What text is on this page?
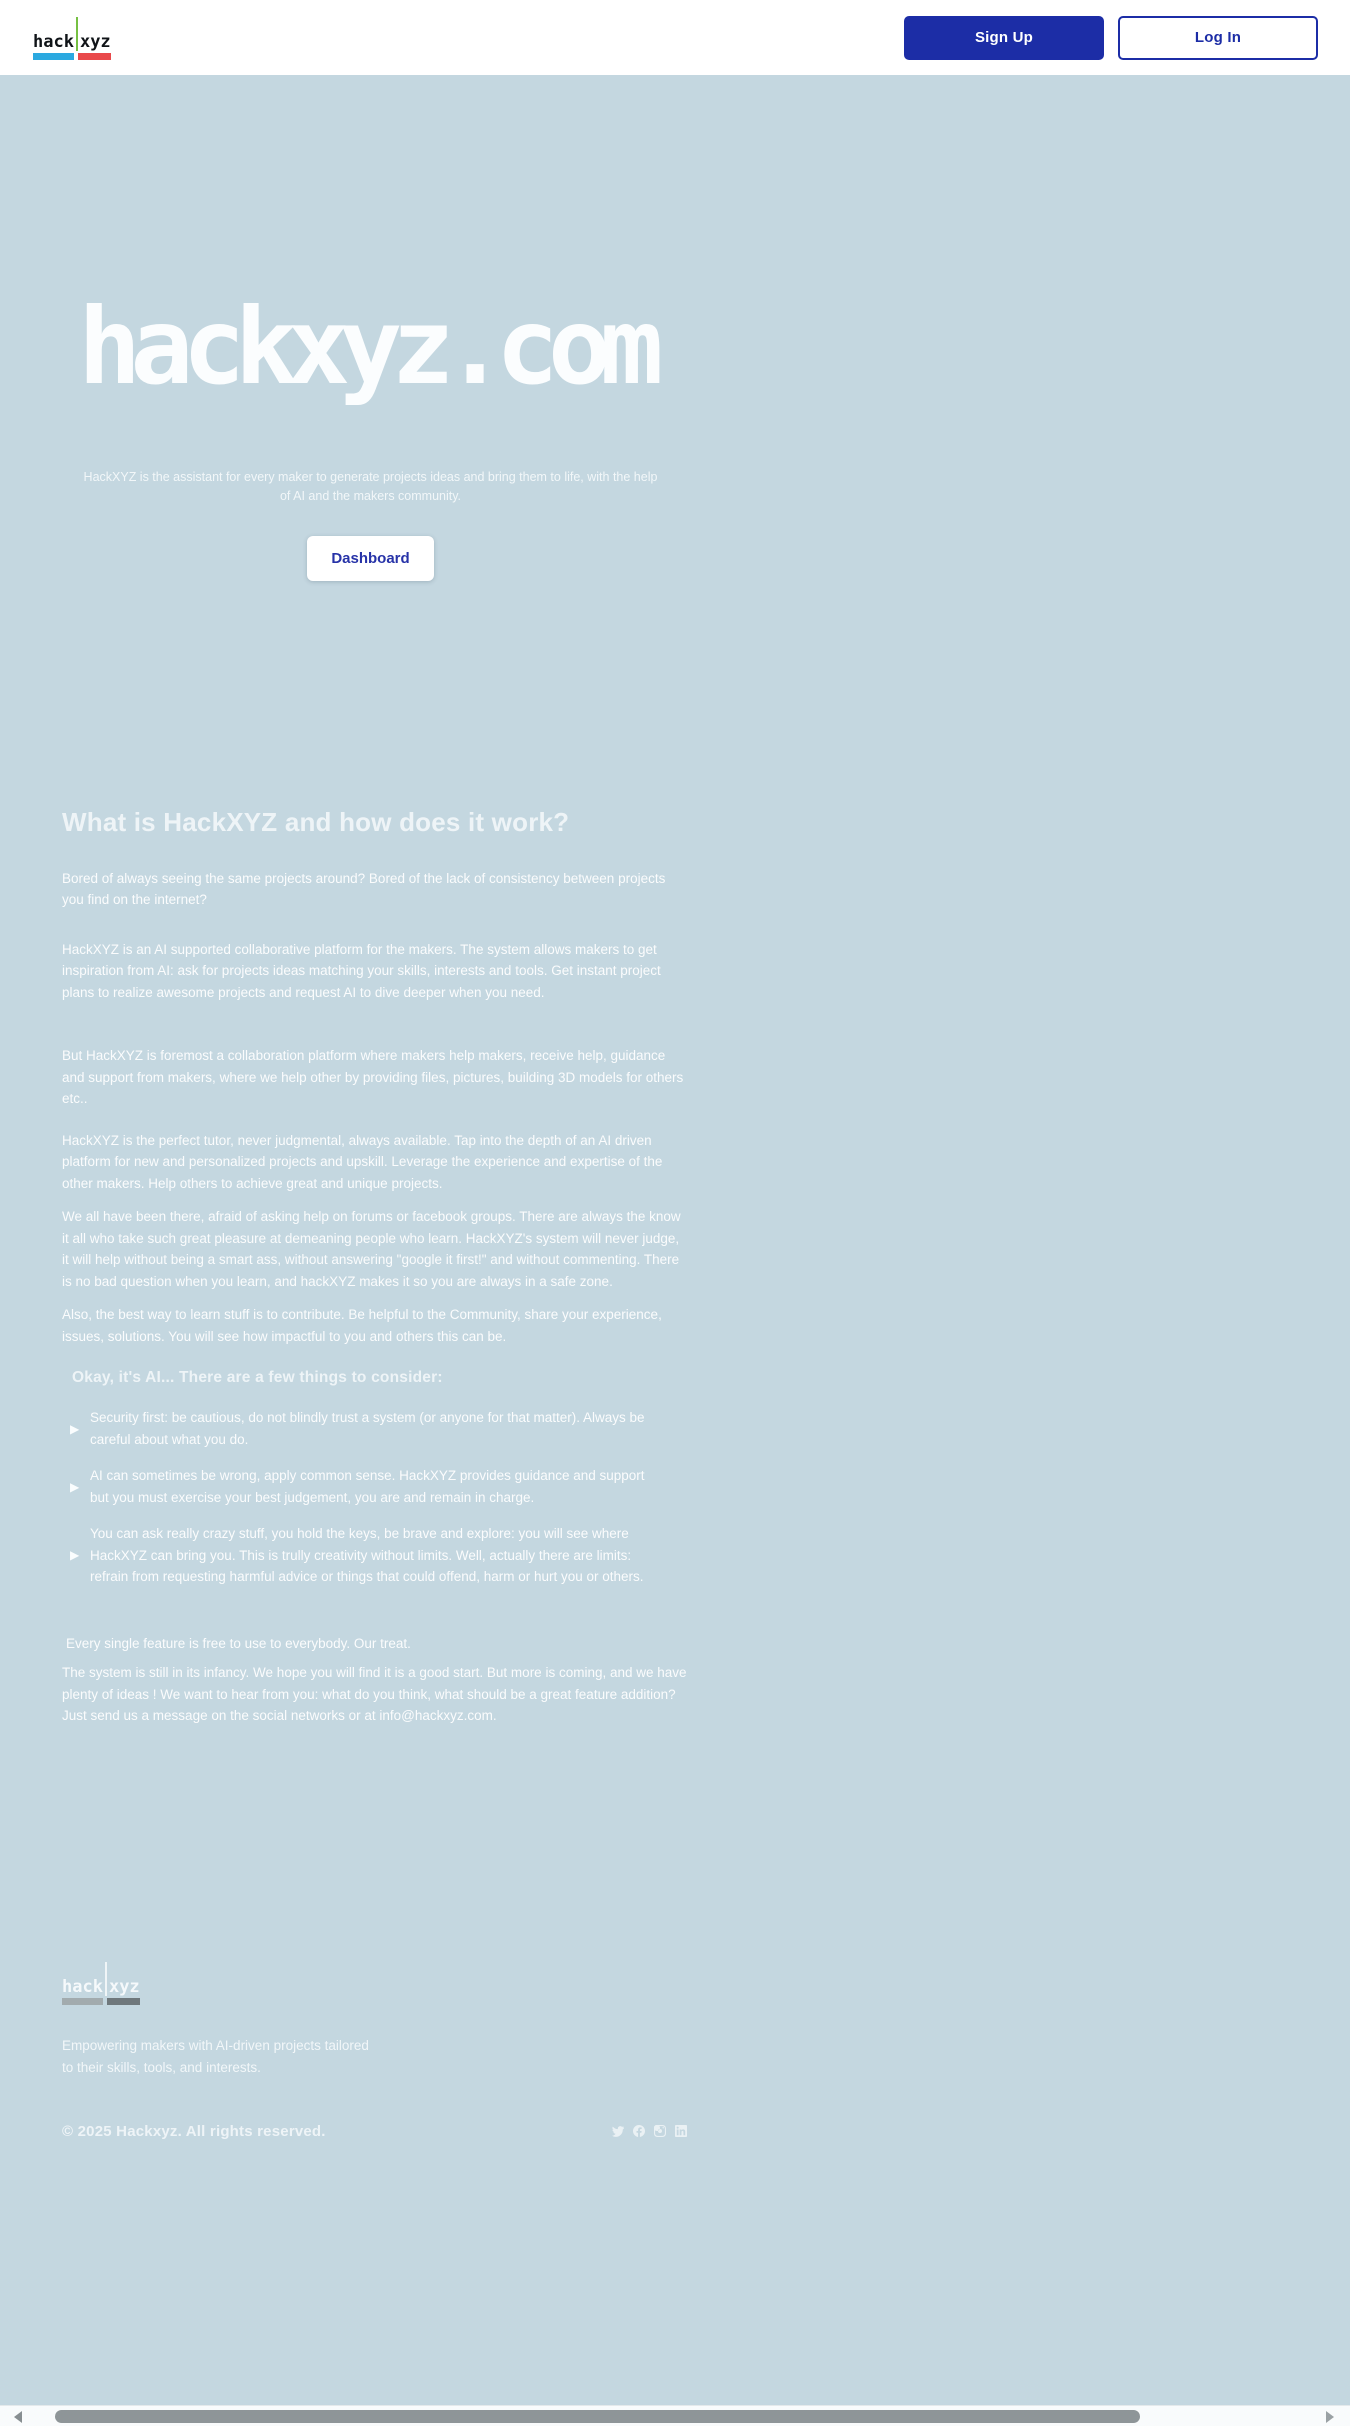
hack xyz	Sign Up	Log In
hackxyz.com

HackXYZ is the assistant for every maker to generate projects ideas and bring them to life, with the help of AI and the makers community.

Dashboard
What is HackXYZ and how does it work?

Bored of always seeing the same projects around? Bored of the lack of consistency between projects you find on the internet?

HackXYZ is an AI supported collaborative platform for the makers. The system allows makers to get inspiration from AI: ask for projects ideas matching your skills, interests and tools. Get instant project plans to realize awesome projects and request AI to dive deeper when you need.

But HackXYZ is foremost a collaboration platform where makers help makers, receive help, guidance and support from makers, where we help other by providing files, pictures, building 3D models for others etc..

HackXYZ is the perfect tutor, never judgmental, always available. Tap into the depth of an AI driven platform for new and personalized projects and upskill. Leverage the experience and expertise of the other makers. Help others to achieve great and unique projects.

We all have been there, afraid of asking help on forums or facebook groups. There are always the know it all who take such great pleasure at demeaning people who learn. HackXYZ's system will never judge, it will help without being a smart ass, without answering "google it first!" and without commenting. There is no bad question when you learn, and hackXYZ makes it so you are always in a safe zone.

Also, the best way to learn stuff is to contribute. Be helpful to the Community, share your experience, issues, solutions. You will see how impactful to you and others this can be.

Okay, it's AI... There are a few things to consider:
▶
Security first: be cautious, do not blindly trust a system (or anyone for that matter). Always be careful about what you do.
▶
AI can sometimes be wrong, apply common sense. HackXYZ provides guidance and support but you must exercise your best judgement, you are and remain in charge.
▶
You can ask really crazy stuff, you hold the keys, be brave and explore: you will see where HackXYZ can bring you. This is trully creativity without limits. Well, actually there are limits: refrain from requesting harmful advice or things that could offend, harm or hurt you or others.

Every single feature is free to use to everybody. Our treat.

The system is still in its infancy. We hope you will find it is a good start. But more is coming, and we have plenty of ideas ! We want to hear from you: what do you think, what should be a great feature addition? Just send us a message on the social networks or at info@hackxyz.com.

hack xyz

Empowering makers with AI-driven projects tailored to their skills, tools, and interests.

© 2025 Hackxyz. All rights reserved.
